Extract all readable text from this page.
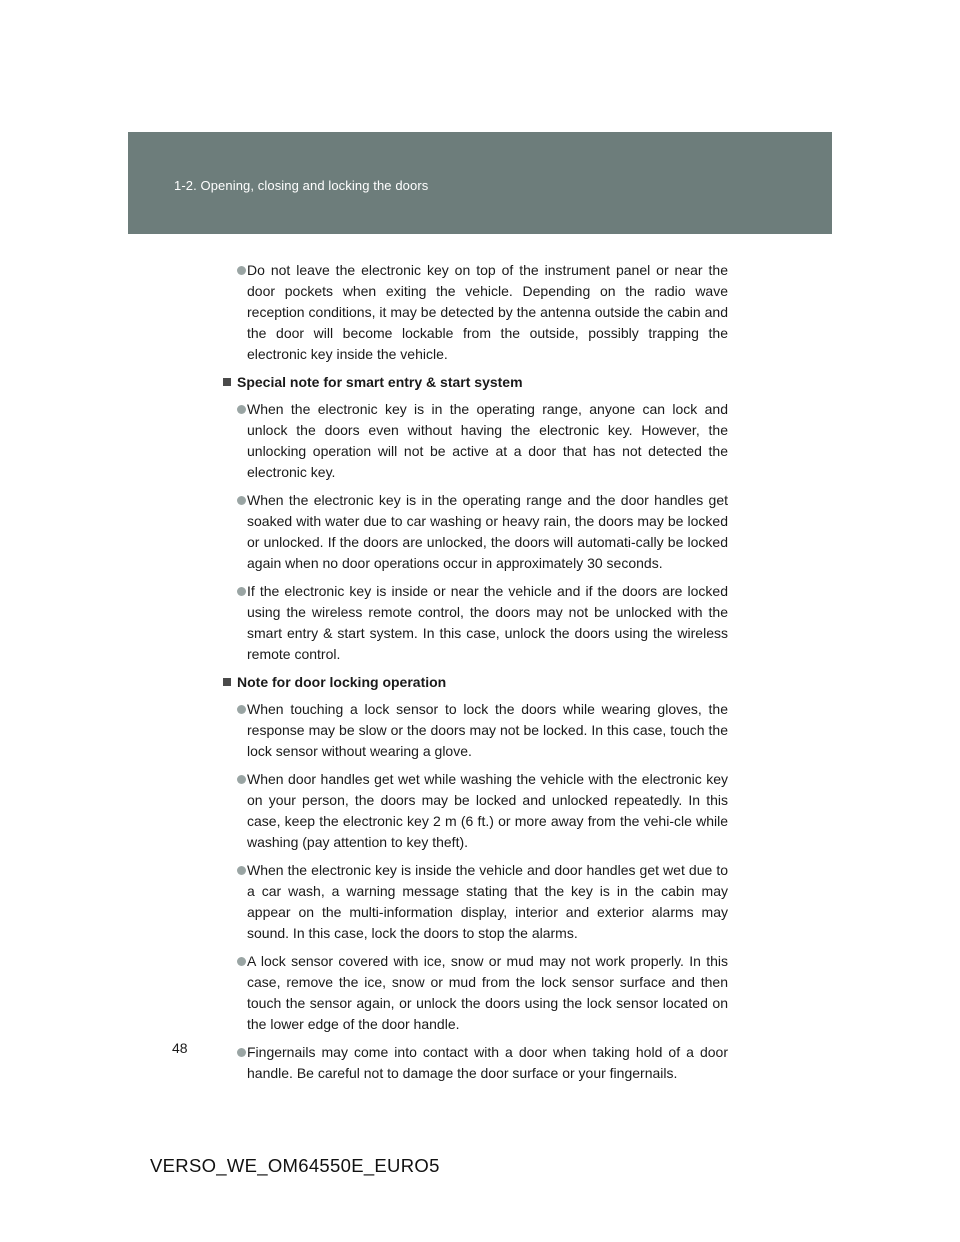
1-2. Opening, closing and locking the doors
Do not leave the electronic key on top of the instrument panel or near the door pockets when exiting the vehicle. Depending on the radio wave reception conditions, it may be detected by the antenna outside the cabin and the door will become lockable from the outside, possibly trapping the electronic key inside the vehicle.
Special note for smart entry & start system
When the electronic key is in the operating range, anyone can lock and unlock the doors even without having the electronic key. However, the unlocking operation will not be active at a door that has not detected the electronic key.
When the electronic key is in the operating range and the door handles get soaked with water due to car washing or heavy rain, the doors may be locked or unlocked. If the doors are unlocked, the doors will automati-cally be locked again when no door operations occur in approximately 30 seconds.
If the electronic key is inside or near the vehicle and if the doors are locked using the wireless remote control, the doors may not be unlocked with the smart entry & start system. In this case, unlock the doors using the wireless remote control.
Note for door locking operation
When touching a lock sensor to lock the doors while wearing gloves, the response may be slow or the doors may not be locked. In this case, touch the lock sensor without wearing a glove.
When door handles get wet while washing the vehicle with the electronic key on your person, the doors may be locked and unlocked repeatedly. In this case, keep the electronic key 2 m (6 ft.) or more away from the vehi-cle while washing (pay attention to key theft).
When the electronic key is inside the vehicle and door handles get wet due to a car wash, a warning message stating that the key is in the cabin may appear on the multi-information display, interior and exterior alarms may sound. In this case, lock the doors to stop the alarms.
A lock sensor covered with ice, snow or mud may not work properly. In this case, remove the ice, snow or mud from the lock sensor surface and then touch the sensor again, or unlock the doors using the lock sensor located on the lower edge of the door handle.
Fingernails may come into contact with a door when taking hold of a door handle. Be careful not to damage the door surface or your fingernails.
48
VERSO_WE_OM64550E_EURO5
